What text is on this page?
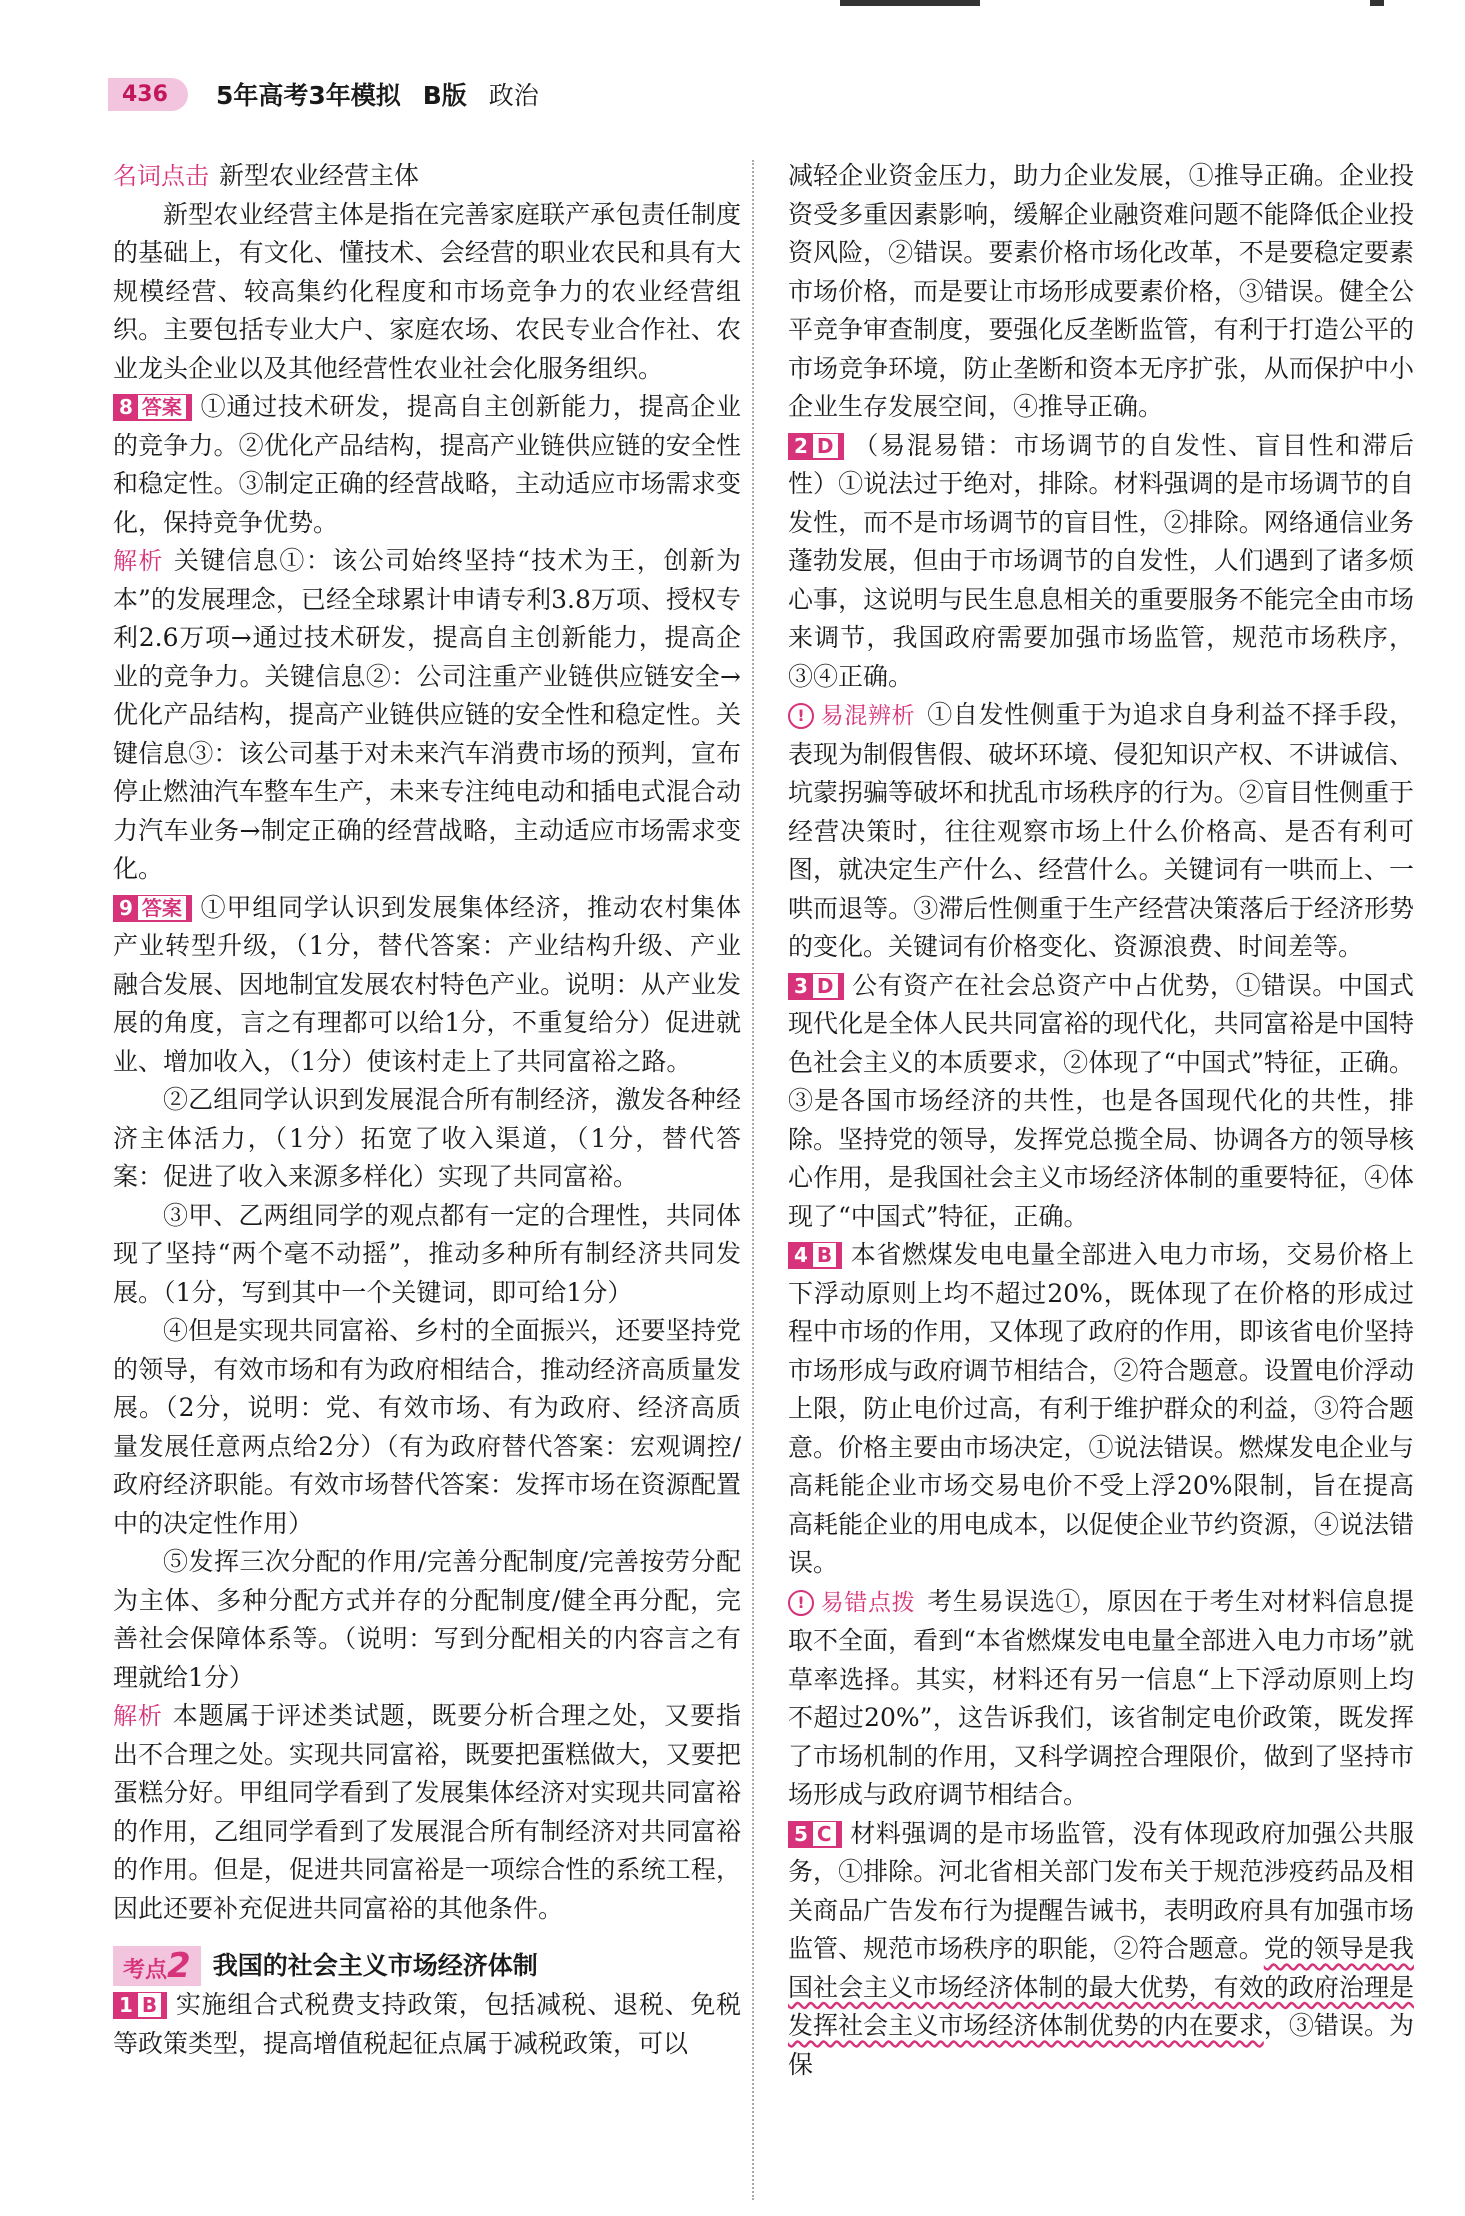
436	5年高考3年模拟 B版 政治

名词点击 新型农业经营主体

新型农业经营主体是指在完善家庭联产承包责任制度的基础上，有文化、懂技术、会经营的职业农民和具有大规模经营、较高集约化程度和市场竞争力的农业经营组织。主要包括专业大户、家庭农场、农民专业合作社、农业龙头企业以及其他经营性农业社会化服务组织。

8 答案 ①通过技术研发，提高自主创新能力，提高企业的竞争力。②优化产品结构，提高产业链供应链的安全性和稳定性。③制定正确的经营战略，主动适应市场需求变化，保持竞争优势。

解析 关键信息①：该公司始终坚持“技术为王，创新为本”的发展理念，已经全球累计申请专利3.8万项、授权专利2.6万项→通过技术研发，提高自主创新能力，提高企业的竞争力。关键信息②：公司注重产业链供应链安全→优化产品结构，提高产业链供应链的安全性和稳定性。关键信息③：该公司基于对未来汽车消费市场的预判，宣布停止燃油汽车整车生产，未来专注纯电动和插电式混合动力汽车业务→制定正确的经营战略，主动适应市场需求变化。

9 答案 ①甲组同学认识到发展集体经济，推动农村集体产业转型升级，（1分，替代答案：产业结构升级、产业融合发展、因地制宜发展农村特色产业。说明：从产业发展的角度，言之有理都可以给1分，不重复给分）促进就业、增加收入，（1分）使该村走上了共同富裕之路。

②乙组同学认识到发展混合所有制经济，激发各种经济主体活力，（1分）拓宽了收入渠道，（1分，替代答案：促进了收入来源多样化）实现了共同富裕。

③甲、乙两组同学的观点都有一定的合理性，共同体现了坚持“两个毫不动摇”，推动多种所有制经济共同发展。（1分，写到其中一个关键词，即可给1分）

④但是实现共同富裕、乡村的全面振兴，还要坚持党的领导，有效市场和有为政府相结合，推动经济高质量发展。（2分，说明：党、有效市场、有为政府、经济高质量发展任意两点给2分）（有为政府替代答案：宏观调控/政府经济职能。有效市场替代答案：发挥市场在资源配置中的决定性作用）

⑤发挥三次分配的作用/完善分配制度/完善按劳分配为主体、多种分配方式并存的分配制度/健全再分配，完善社会保障体系等。（说明：写到分配相关的内容言之有理就给1分）

解析 本题属于评述类试题，既要分析合理之处，又要指出不合理之处。实现共同富裕，既要把蛋糕做大，又要把蛋糕分好。甲组同学看到了发展集体经济对实现共同富裕的作用，乙组同学看到了发展混合所有制经济对共同富裕的作用。但是，促进共同富裕是一项综合性的系统工程，因此还要补充促进共同富裕的其他条件。

考点2 我国的社会主义市场经济体制

1 B 实施组合式税费支持政策，包括减税、退税、免税等政策类型，提高增值税起征点属于减税政策，可以

减轻企业资金压力，助力企业发展，①推导正确。企业投资受多重因素影响，缓解企业融资难问题不能降低企业投资风险，②错误。要素价格市场化改革，不是要稳定要素市场价格，而是要让市场形成要素价格，③错误。健全公平竞争审查制度，要强化反垄断监管，有利于打造公平的市场竞争环境，防止垄断和资本无序扩张，从而保护中小企业生存发展空间，④推导正确。

2 D （易混易错：市场调节的自发性、盲目性和滞后性）①说法过于绝对，排除。材料强调的是市场调节的自发性，而不是市场调节的盲目性，②排除。网络通信业务蓬勃发展，但由于市场调节的自发性，人们遇到了诸多烦心事，这说明与民生息息相关的重要服务不能完全由市场来调节，我国政府需要加强市场监管，规范市场秩序，③④正确。

! 易混辨析 ①自发性侧重于为追求自身利益不择手段，表现为制假售假、破坏环境、侵犯知识产权、不讲诚信、坑蒙拐骗等破坏和扰乱市场秩序的行为。②盲目性侧重于经营决策时，往往观察市场上什么价格高、是否有利可图，就决定生产什么、经营什么。关键词有一哄而上、一哄而退等。③滞后性侧重于生产经营决策落后于经济形势的变化。关键词有价格变化、资源浪费、时间差等。

3 D 公有资产在社会总资产中占优势，①错误。中国式现代化是全体人民共同富裕的现代化，共同富裕是中国特色社会主义的本质要求，②体现了“中国式”特征，正确。③是各国市场经济的共性，也是各国现代化的共性，排除。坚持党的领导，发挥党总揽全局、协调各方的领导核心作用，是我国社会主义市场经济体制的重要特征，④体现了“中国式”特征，正确。

4 B 本省燃煤发电电量全部进入电力市场，交易价格上下浮动原则上均不超过20%，既体现了在价格的形成过程中市场的作用，又体现了政府的作用，即该省电价坚持市场形成与政府调节相结合，②符合题意。设置电价浮动上限，防止电价过高，有利于维护群众的利益，③符合题意。价格主要由市场决定，①说法错误。燃煤发电企业与高耗能企业市场交易电价不受上浮20%限制，旨在提高高耗能企业的用电成本，以促使企业节约资源，④说法错误。

! 易错点拨 考生易误选①，原因在于考生对材料信息提取不全面，看到“本省燃煤发电电量全部进入电力市场”就草率选择。其实，材料还有另一信息“上下浮动原则上均不超过20%”，这告诉我们，该省制定电价政策，既发挥了市场机制的作用，又科学调控合理限价，做到了坚持市场形成与政府调节相结合。

5 C 材料强调的是市场监管，没有体现政府加强公共服务，①排除。河北省相关部门发布关于规范涉疫药品及相关商品广告发布行为提醒告诫书，表明政府具有加强市场监管、规范市场秩序的职能，②符合题意。党的领导是我国社会主义市场经济体制的最大优势，有效的政府治理是发挥社会主义市场经济体制优势的内在要求，③错误。为保
